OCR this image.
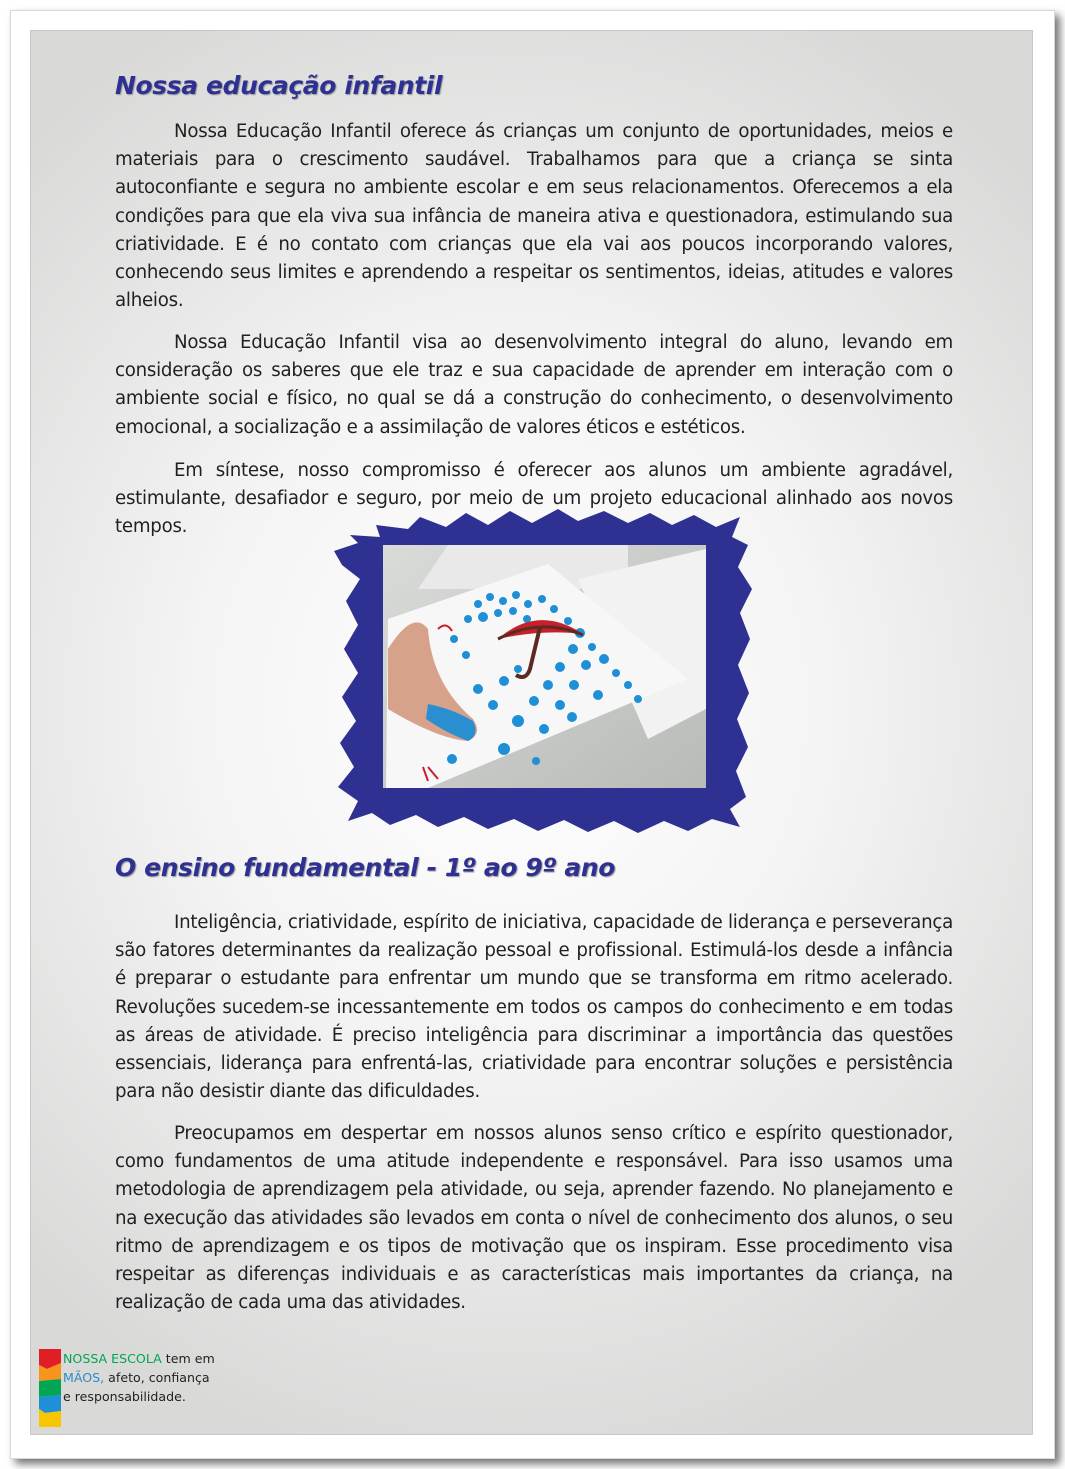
Nossa educação infantil

Nossa Educação Infantil oferece ás crianças um conjunto de oportunidades, meios e materiais para o crescimento saudável. Trabalhamos para que a criança se sinta autoconfiante e segura no ambiente escolar e em seus relacionamentos. Oferecemos a ela condições para que ela viva sua infância de maneira ativa e questionadora, estimulando sua criatividade. E é no contato com crianças que ela vai aos poucos incorporando valores, conhecendo seus limites e aprendendo a respeitar os sentimentos, ideias, atitudes e valores alheios.

Nossa Educação Infantil visa ao desenvolvimento integral do aluno, levando em consideração os saberes que ele traz e sua capacidade de aprender em interação com o ambiente social e físico, no qual se dá a construção do conhecimento, o desenvolvimento emocional, a socialização e a assimilação de valores éticos e estéticos.

Em síntese, nosso compromisso é oferecer aos alunos um ambiente agradável, estimulante, desafiador e seguro, por meio de um projeto educacional alinhado aos novos tempos.

O ensino fundamental - 1º ao 9º ano

Inteligência, criatividade, espírito de iniciativa, capacidade de liderança e perseverança são fatores determinantes da realização pessoal e profissional. Estimulá-los desde a infância é preparar o estudante para enfrentar um mundo que se transforma em ritmo acelerado. Revoluções sucedem-se incessantemente em todos os campos do conhecimento e em todas as áreas de atividade. É preciso inteligência para discriminar a importância das questões essenciais, liderança para enfrentá-las, criatividade para encontrar soluções e persistência para não desistir diante das dificuldades.

Preocupamos em despertar em nossos alunos senso crítico e espírito questionador, como fundamentos de uma atitude independente e responsável. Para isso usamos uma metodologia de aprendizagem pela atividade, ou seja, aprender fazendo. No planejamento e na execução das atividades são levados em conta o nível de conhecimento dos alunos, o seu ritmo de aprendizagem e os tipos de motivação que os inspiram. Esse procedimento visa respeitar as diferenças individuais e as características mais importantes da criança, na realização de cada uma das atividades.

NOSSA ESCOLA tem em
MÃOS, afeto, confiança
e responsabilidade.
